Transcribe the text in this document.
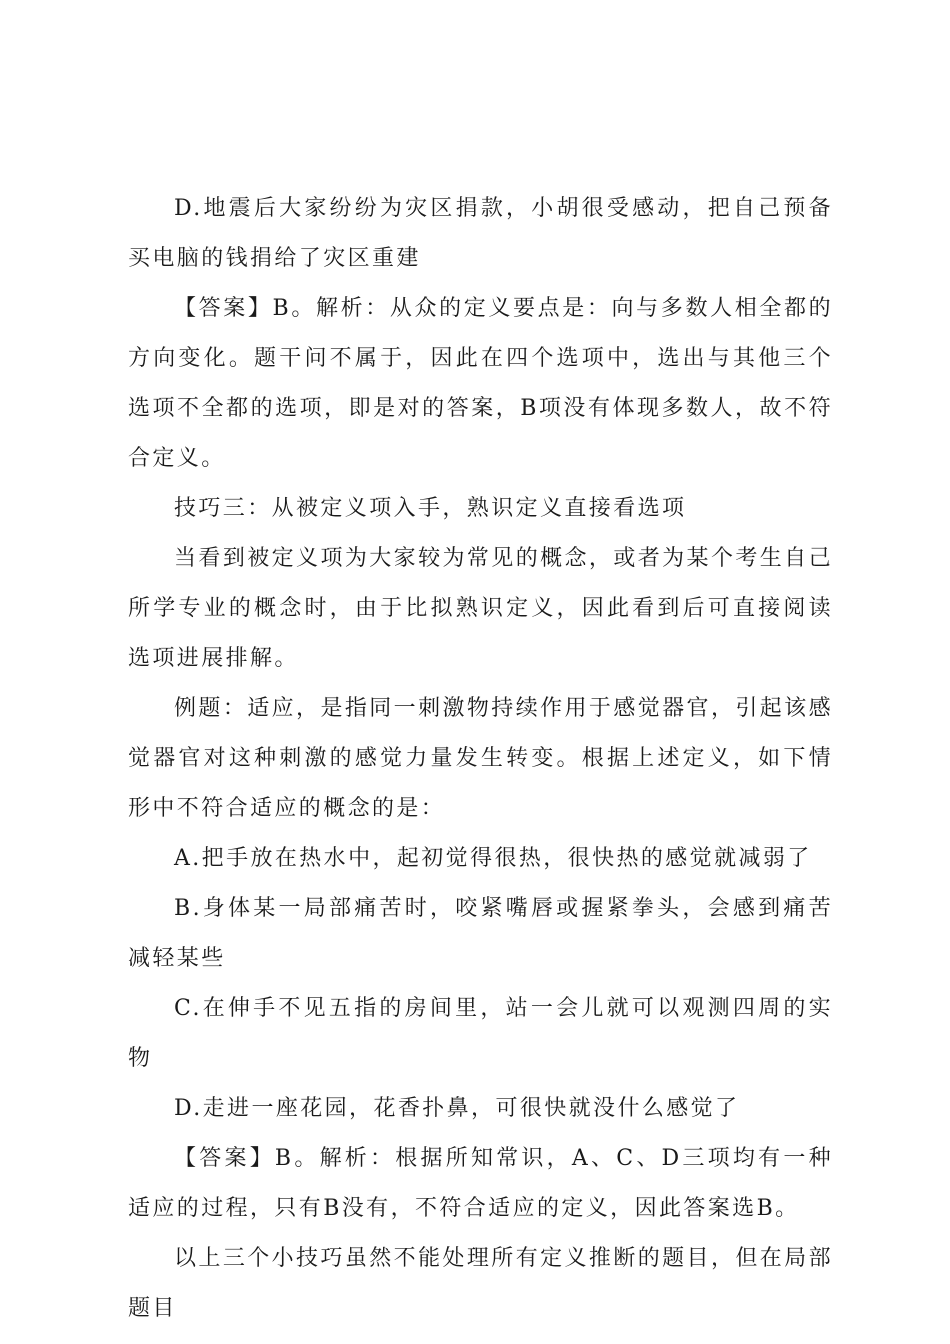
D.地震后大家纷纷为灾区捐款，小胡很受感动，把自己预备买电脑的钱捐给了灾区重建

【答案】B。解析：从众的定义要点是：向与多数人相全都的方向变化。题干问不属于，因此在四个选项中，选出与其他三个选项不全都的选项，即是对的答案，B项没有体现多数人，故不符合定义。

技巧三：从被定义项入手，熟识定义直接看选项

当看到被定义项为大家较为常见的概念，或者为某个考生自己所学专业的概念时，由于比拟熟识定义，因此看到后可直接阅读选项进展排解。

例题：适应，是指同一刺激物持续作用于感觉器官，引起该感觉器官对这种刺激的感觉力量发生转变。根据上述定义，如下情形中不符合适应的概念的是：

A.把手放在热水中，起初觉得很热，很快热的感觉就减弱了

B.身体某一局部痛苦时，咬紧嘴唇或握紧拳头，会感到痛苦减轻某些

C.在伸手不见五指的房间里，站一会儿就可以观测四周的实物

D.走进一座花园，花香扑鼻，可很快就没什么感觉了

【答案】B。解析：根据所知常识，A、C、D三项均有一种适应的过程，只有B没有，不符合适应的定义，因此答案选B。

以上三个小技巧虽然不能处理所有定义推断的题目，但在局部题目
